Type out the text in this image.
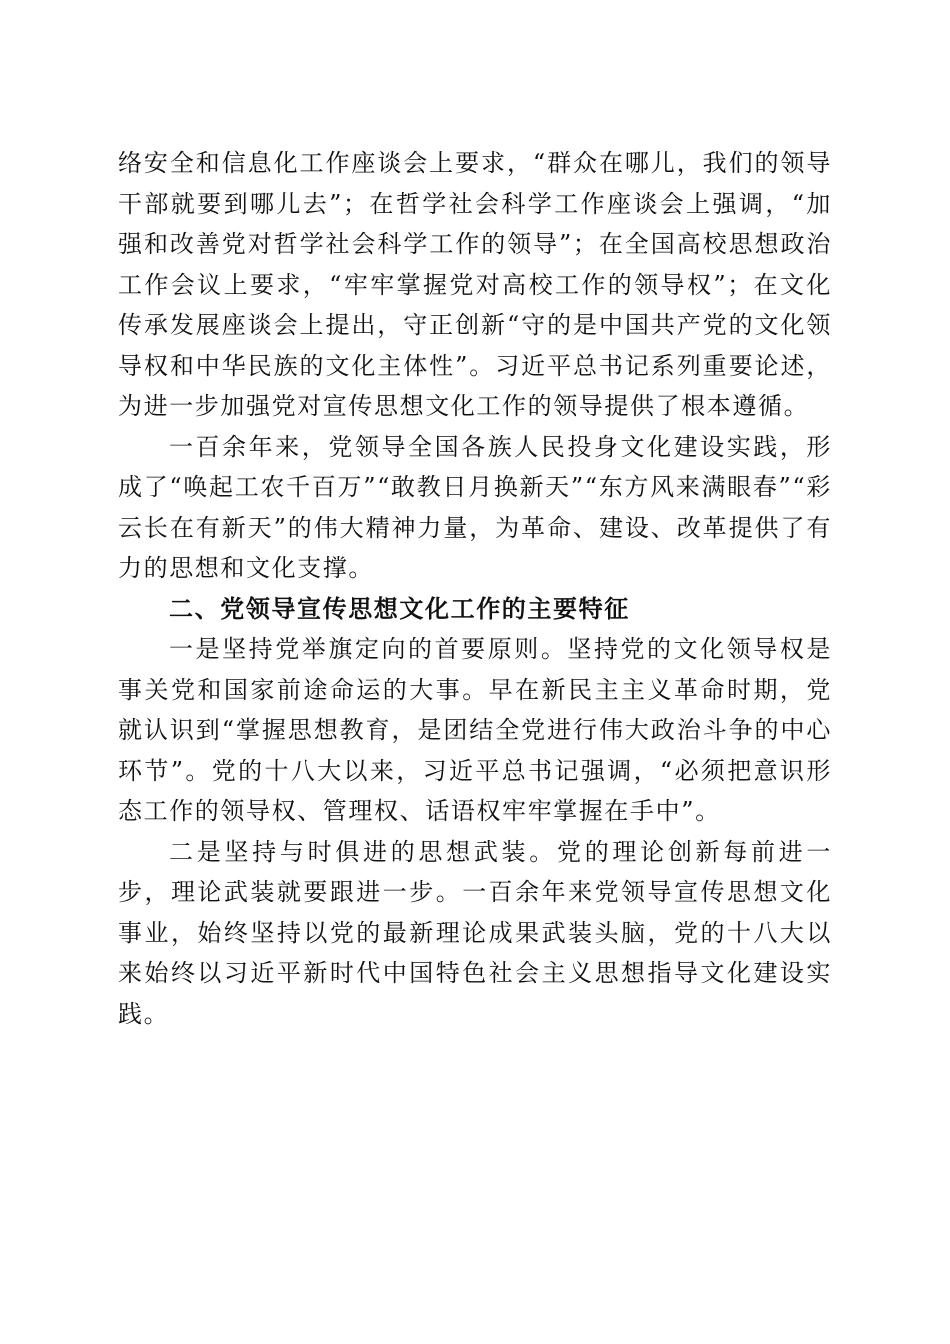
络安全和信息化工作座谈会上要求，“群众在哪儿，我们的领导干部就要到哪儿去”；在哲学社会科学工作座谈会上强调，“加强和改善党对哲学社会科学工作的领导”；在全国高校思想政治工作会议上要求，“牢牢掌握党对高校工作的领导权”；在文化传承发展座谈会上提出，守正创新“守的是中国共产党的文化领导权和中华民族的文化主体性”。习近平总书记系列重要论述，为进一步加强党对宣传思想文化工作的领导提供了根本遵循。

一百余年来，党领导全国各族人民投身文化建设实践，形成了“唤起工农千百万”“敢教日月换新天”“东方风来满眼春”“彩云长在有新天”的伟大精神力量，为革命、建设、改革提供了有力的思想和文化支撑。

二、党领导宣传思想文化工作的主要特征

一是坚持党举旗定向的首要原则。坚持党的文化领导权是事关党和国家前途命运的大事。早在新民主主义革命时期，党就认识到“掌握思想教育，是团结全党进行伟大政治斗争的中心环节”。党的十八大以来，习近平总书记强调，“必须把意识形态工作的领导权、管理权、话语权牢牢掌握在手中”。

二是坚持与时俱进的思想武装。党的理论创新每前进一步，理论武装就要跟进一步。一百余年来党领导宣传思想文化事业，始终坚持以党的最新理论成果武装头脑，党的十八大以来始终以习近平新时代中国特色社会主义思想指导文化建设实践。
